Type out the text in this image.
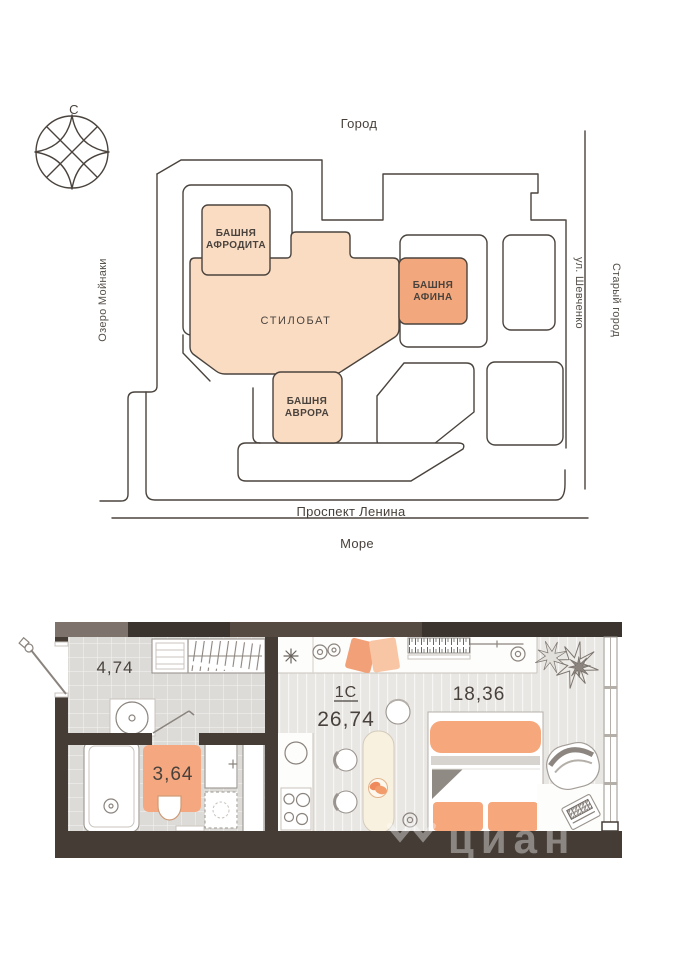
С
Город
Озеро Мойнаки	ул. Шевченко Старый город
Проспект Ленина
Море
БАШНЯ
АФРОДИТА
БАШНЯ
АФИНА
БАШНЯ
АВРОРА
СТИЛОБАТ
4,74
3,64
1С
26,74
18,36
циан
